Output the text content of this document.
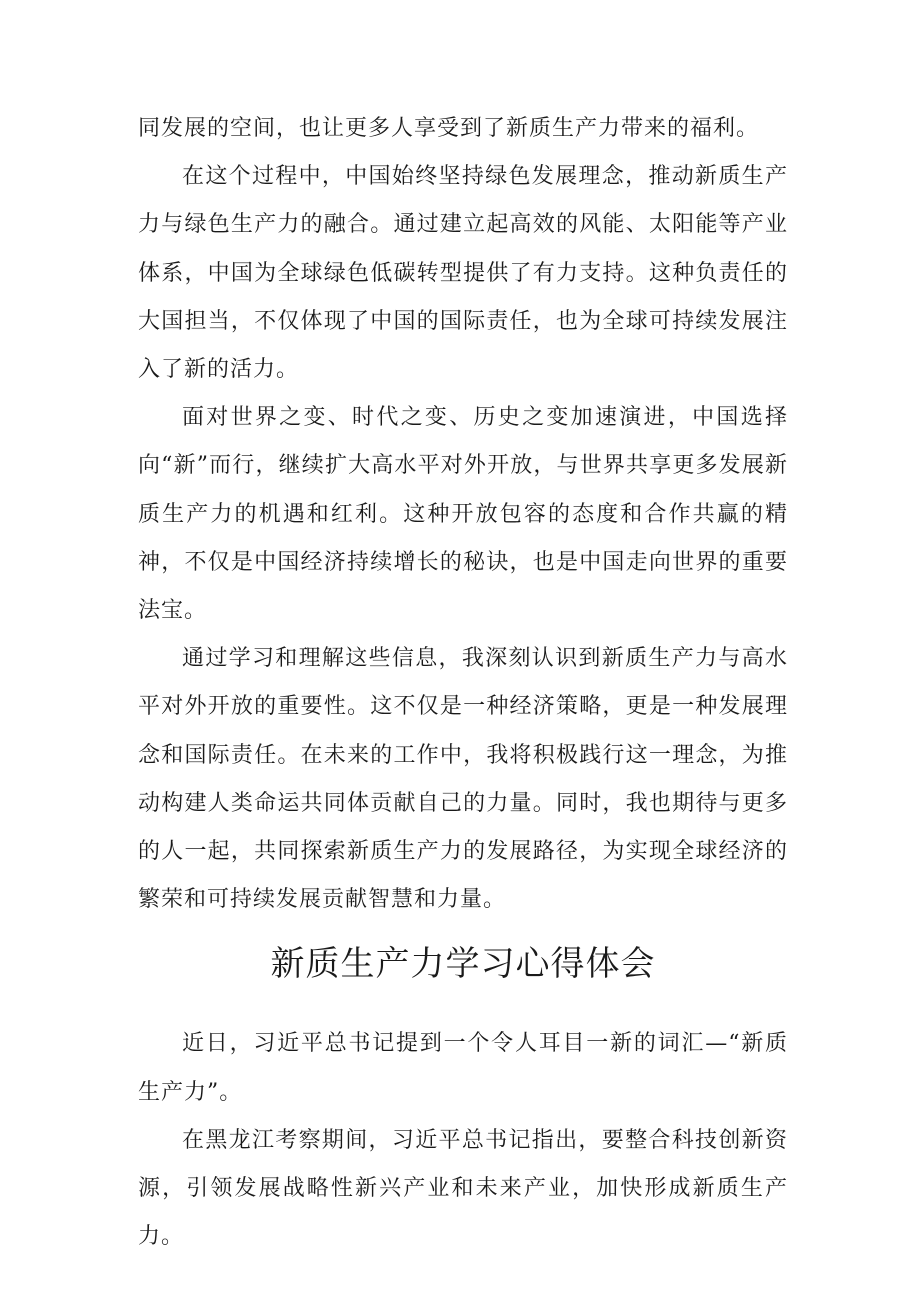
同发展的空间，也让更多人享受到了新质生产力带来的福利。

在这个过程中，中国始终坚持绿色发展理念，推动新质生产力与绿色生产力的融合。通过建立起高效的风能、太阳能等产业体系，中国为全球绿色低碳转型提供了有力支持。这种负责任的大国担当，不仅体现了中国的国际责任，也为全球可持续发展注入了新的活力。

面对世界之变、时代之变、历史之变加速演进，中国选择向“新”而行，继续扩大高水平对外开放，与世界共享更多发展新质生产力的机遇和红利。这种开放包容的态度和合作共赢的精神，不仅是中国经济持续增长的秘诀，也是中国走向世界的重要法宝。

通过学习和理解这些信息，我深刻认识到新质生产力与高水平对外开放的重要性。这不仅是一种经济策略，更是一种发展理念和国际责任。在未来的工作中，我将积极践行这一理念，为推动构建人类命运共同体贡献自己的力量。同时，我也期待与更多的人一起，共同探索新质生产力的发展路径，为实现全球经济的繁荣和可持续发展贡献智慧和力量。

新质生产力学习心得体会

近日，习近平总书记提到一个令人耳目一新的词汇—“新质生产力”。

在黑龙江考察期间，习近平总书记指出，要整合科技创新资源，引领发展战略性新兴产业和未来产业，加快形成新质生产力。
